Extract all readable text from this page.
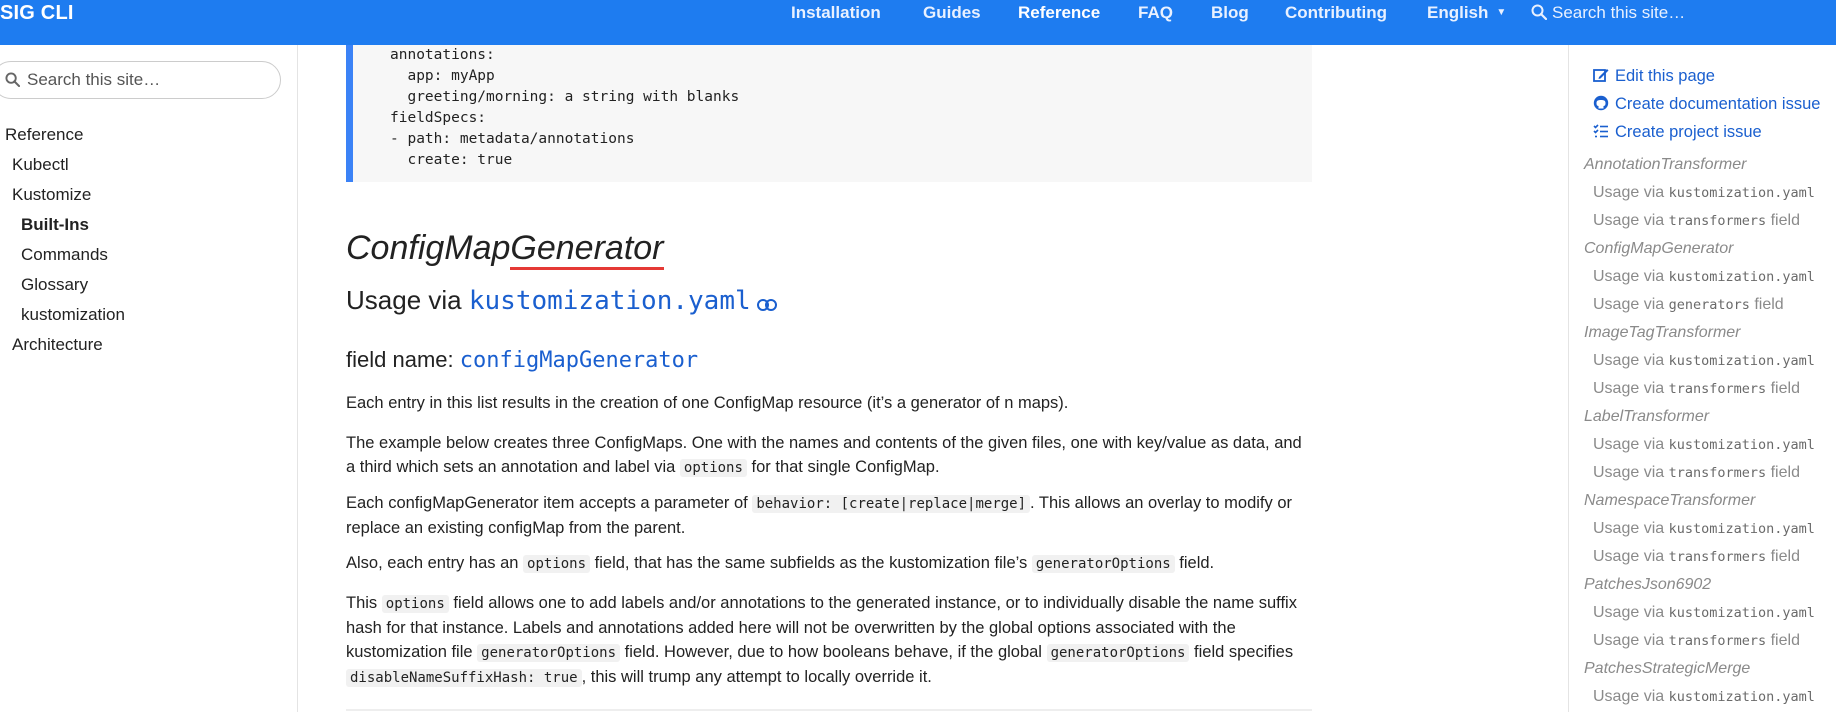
SIG CLI	Installation Guides Reference FAQ Blog Contributing English ▼	Search this site…
Search this site…
Reference
Kubectl
Kustomize
Built-Ins
Commands
Glossary
kustomization
Architecture
annotations:
app: myApp
greeting/morning: a string with blanks
fieldSpecs:
- path: metadata/annotations
create: true
ConfigMapGenerator
Usage via kustomization.yaml
field name: configMapGenerator

Each entry in this list results in the creation of one ConfigMap resource (it’s a generator of n maps).

The example below creates three ConfigMaps. One with the names and contents of the given files, one with key/value as data, and a third which sets an annotation and label via options for that single ConfigMap.

Each configMapGenerator item accepts a parameter of behavior: [create|replace|merge] . This allows an overlay to modify or replace an existing configMap from the parent.

Also, each entry has an options field, that has the same subfields as the kustomization file’s generatorOptions field.

This options field allows one to add labels and/or annotations to the generated instance, or to individually disable the name suffix hash for that instance. Labels and annotations added here will not be overwritten by the global options associated with the kustomization file generatorOptions field. However, due to how booleans behave, if the global generatorOptions field specifies disableNameSuffixHash: true , this will trump any attempt to locally override it.

Edit this page
Create documentation issue
Create project issue
AnnotationTransformer
Usage via kustomization.yaml
Usage via transformers field
ConfigMapGenerator
Usage via kustomization.yaml
Usage via generators field
ImageTagTransformer
Usage via kustomization.yaml
Usage via transformers field
LabelTransformer
Usage via kustomization.yaml
Usage via transformers field
NamespaceTransformer
Usage via kustomization.yaml
Usage via transformers field
PatchesJson6902
Usage via kustomization.yaml
Usage via transformers field
PatchesStrategicMerge
Usage via kustomization.yaml
